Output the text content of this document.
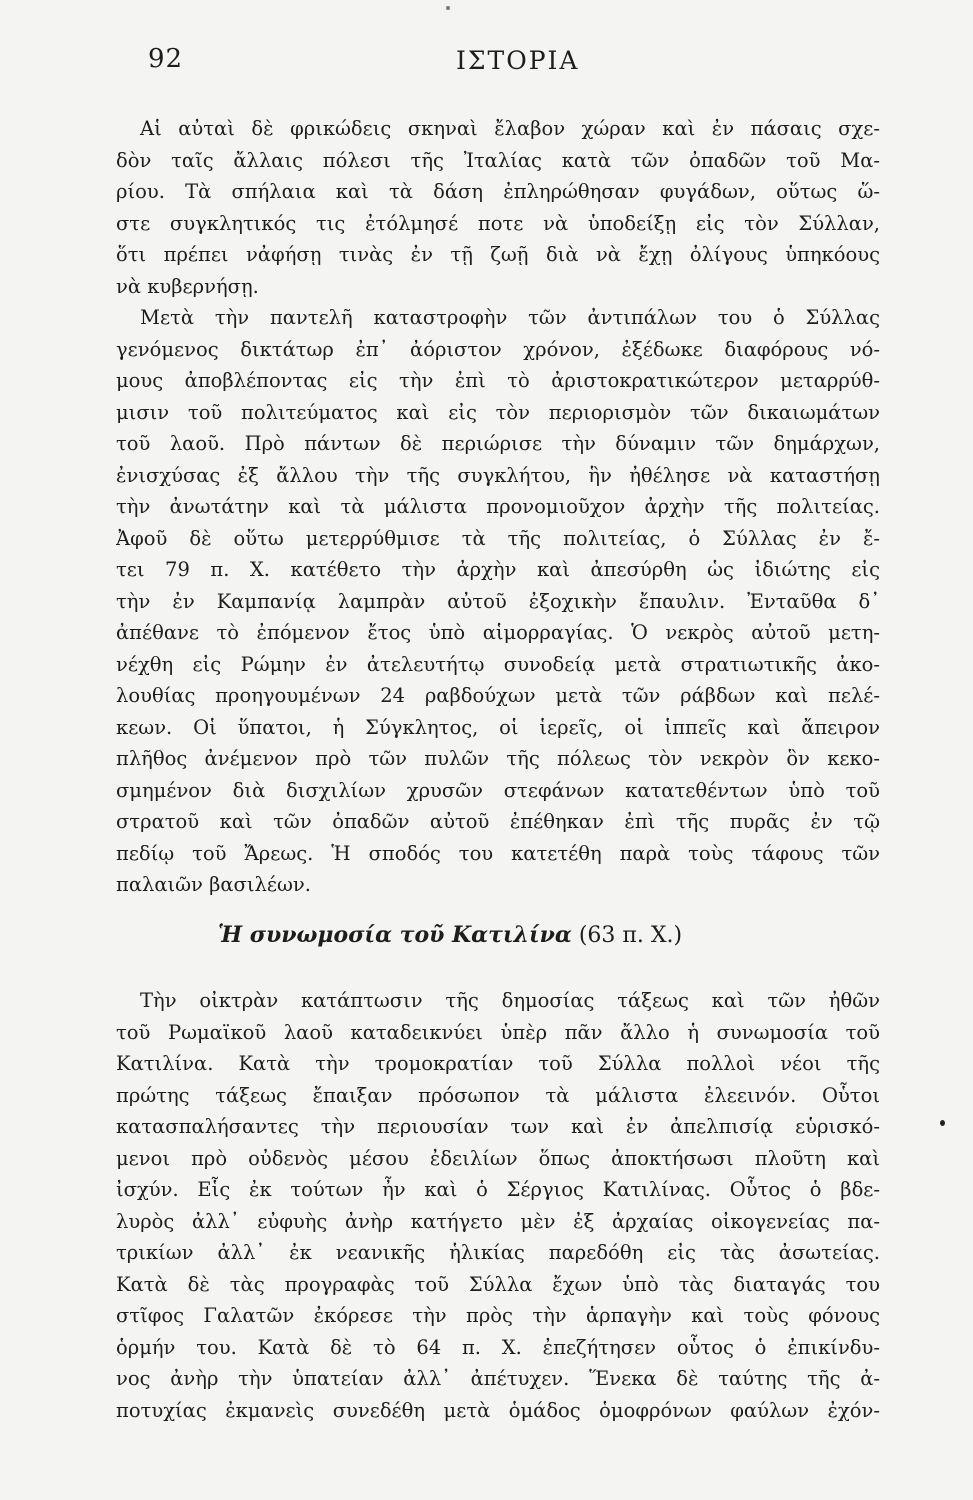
92	ΙΣΤΟΡΙΑ
Αἱ αὐταὶ δὲ φρικώδεις σκηναὶ ἔλαβον χώραν καὶ ἐν πάσαις σχε-
δὸν ταῖς ἄλλαις πόλεσι τῆς Ἰταλίας κατὰ τῶν ὀπαδῶν τοῦ Μα-
ρίου. Τὰ σπήλαια καὶ τὰ δάση ἐπληρώθησαν φυγάδων, οὕτως ὥ-
στε συγκλητικός τις ἐτόλμησέ ποτε νὰ ὑποδείξῃ εἰς τὸν Σύλλαν,
ὅτι πρέπει νἀφήσῃ τινὰς ἐν τῇ ζωῇ διὰ νὰ ἔχῃ ὀλίγους ὑπηκόους
νὰ κυβερνήσῃ.
Μετὰ τὴν παντελῆ καταστροφὴν τῶν ἀντιπάλων του ὁ Σύλλας
γενόμενος δικτάτωρ ἐπ᾽ ἀόριστον χρόνον, ἐξέδωκε διαφόρους νό-
μους ἀποβλέποντας εἰς τὴν ἐπὶ τὸ ἀριστοκρατικώτερον μεταρρύθ-
μισιν τοῦ πολιτεύματος καὶ εἰς τὸν περιορισμὸν τῶν δικαιωμάτων
τοῦ λαοῦ. Πρὸ πάντων δὲ περιώρισε τὴν δύναμιν τῶν δημάρχων,
ἐνισχύσας ἐξ ἄλλου τὴν τῆς συγκλήτου, ἣν ἠθέλησε νὰ καταστήσῃ
τὴν ἀνωτάτην καὶ τὰ μάλιστα προνομιοῦχον ἀρχὴν τῆς πολιτείας.
Ἀφοῦ δὲ οὕτω μετερρύθμισε τὰ τῆς πολιτείας, ὁ Σύλλας ἐν ἔ-
τει 79 π. Χ. κατέθετο τὴν ἀρχὴν καὶ ἀπεσύρθη ὡς ἰδιώτης εἰς
τὴν ἐν Καμπανίᾳ λαμπρὰν αὐτοῦ ἐξοχικὴν ἔπαυλιν. Ἐνταῦθα δ᾽
ἀπέθανε τὸ ἐπόμενον ἔτος ὑπὸ αἱμορραγίας. Ὁ νεκρὸς αὐτοῦ μετη-
νέχθη εἰς Ρώμην ἐν ἀτελευτήτῳ συνοδείᾳ μετὰ στρατιωτικῆς ἀκο-
λουθίας προηγουμένων 24 ραβδούχων μετὰ τῶν ράβδων καὶ πελέ-
κεων. Οἱ ὕπατοι, ἡ Σύγκλητος, οἱ ἱερεῖς, οἱ ἱππεῖς καὶ ἄπειρον
πλῆθος ἀνέμενον πρὸ τῶν πυλῶν τῆς πόλεως τὸν νεκρὸν ὃν κεκο-
σμημένον διὰ δισχιλίων χρυσῶν στεφάνων κατατεθέντων ὑπὸ τοῦ
στρατοῦ καὶ τῶν ὀπαδῶν αὐτοῦ ἐπέθηκαν ἐπὶ τῆς πυρᾶς ἐν τῷ
πεδίῳ τοῦ Ἄρεως. Ἡ σποδός του κατετέθη παρὰ τοὺς τάφους τῶν
παλαιῶν βασιλέων.
Ἡ συνωμοσία τοῦ Κατιλίνα (63 π. Χ.)
Τὴν οἰκτρὰν κατάπτωσιν τῆς δημοσίας τάξεως καὶ τῶν ἠθῶν
τοῦ Ρωμαϊκοῦ λαοῦ καταδεικνύει ὑπὲρ πᾶν ἄλλο ἡ συνωμοσία τοῦ
Κατιλίνα. Κατὰ τὴν τρομοκρατίαν τοῦ Σύλλα πολλοὶ νέοι τῆς
πρώτης τάξεως ἔπαιξαν πρόσωπον τὰ μάλιστα ἐλεεινόν. Οὗτοι
κατασπαλήσαντες τὴν περιουσίαν των καὶ ἐν ἀπελπισίᾳ εὑρισκό-
μενοι πρὸ οὐδενὸς μέσου ἐδειλίων ὅπως ἀποκτήσωσι πλοῦτη καὶ
ἰσχύν. Εἷς ἐκ τούτων ἦν καὶ ὁ Σέργιος Κατιλίνας. Οὗτος ὁ βδε-
λυρὸς ἀλλ᾽ εὐφυὴς ἀνὴρ κατήγετο μὲν ἐξ ἀρχαίας οἰκογενείας πα-
τρικίων ἀλλ᾽ ἐκ νεανικῆς ἡλικίας παρεδόθη εἰς τὰς ἀσωτείας.
Κατὰ δὲ τὰς προγραφὰς τοῦ Σύλλα ἔχων ὑπὸ τὰς διαταγάς του
στῖφος Γαλατῶν ἐκόρεσε τὴν πρὸς τὴν ἁρπαγὴν καὶ τοὺς φόνους
ὁρμήν του. Κατὰ δὲ τὸ 64 π. Χ. ἐπεζήτησεν οὗτος ὁ ἐπικίνδυ-
νος ἀνὴρ τὴν ὑπατείαν ἀλλ᾽ ἀπέτυχεν. Ἕνεκα δὲ ταύτης τῆς ἀ-
ποτυχίας ἐκμανεὶς συνεδέθη μετὰ ὁμάδος ὁμοφρόνων φαύλων ἐχόν-
